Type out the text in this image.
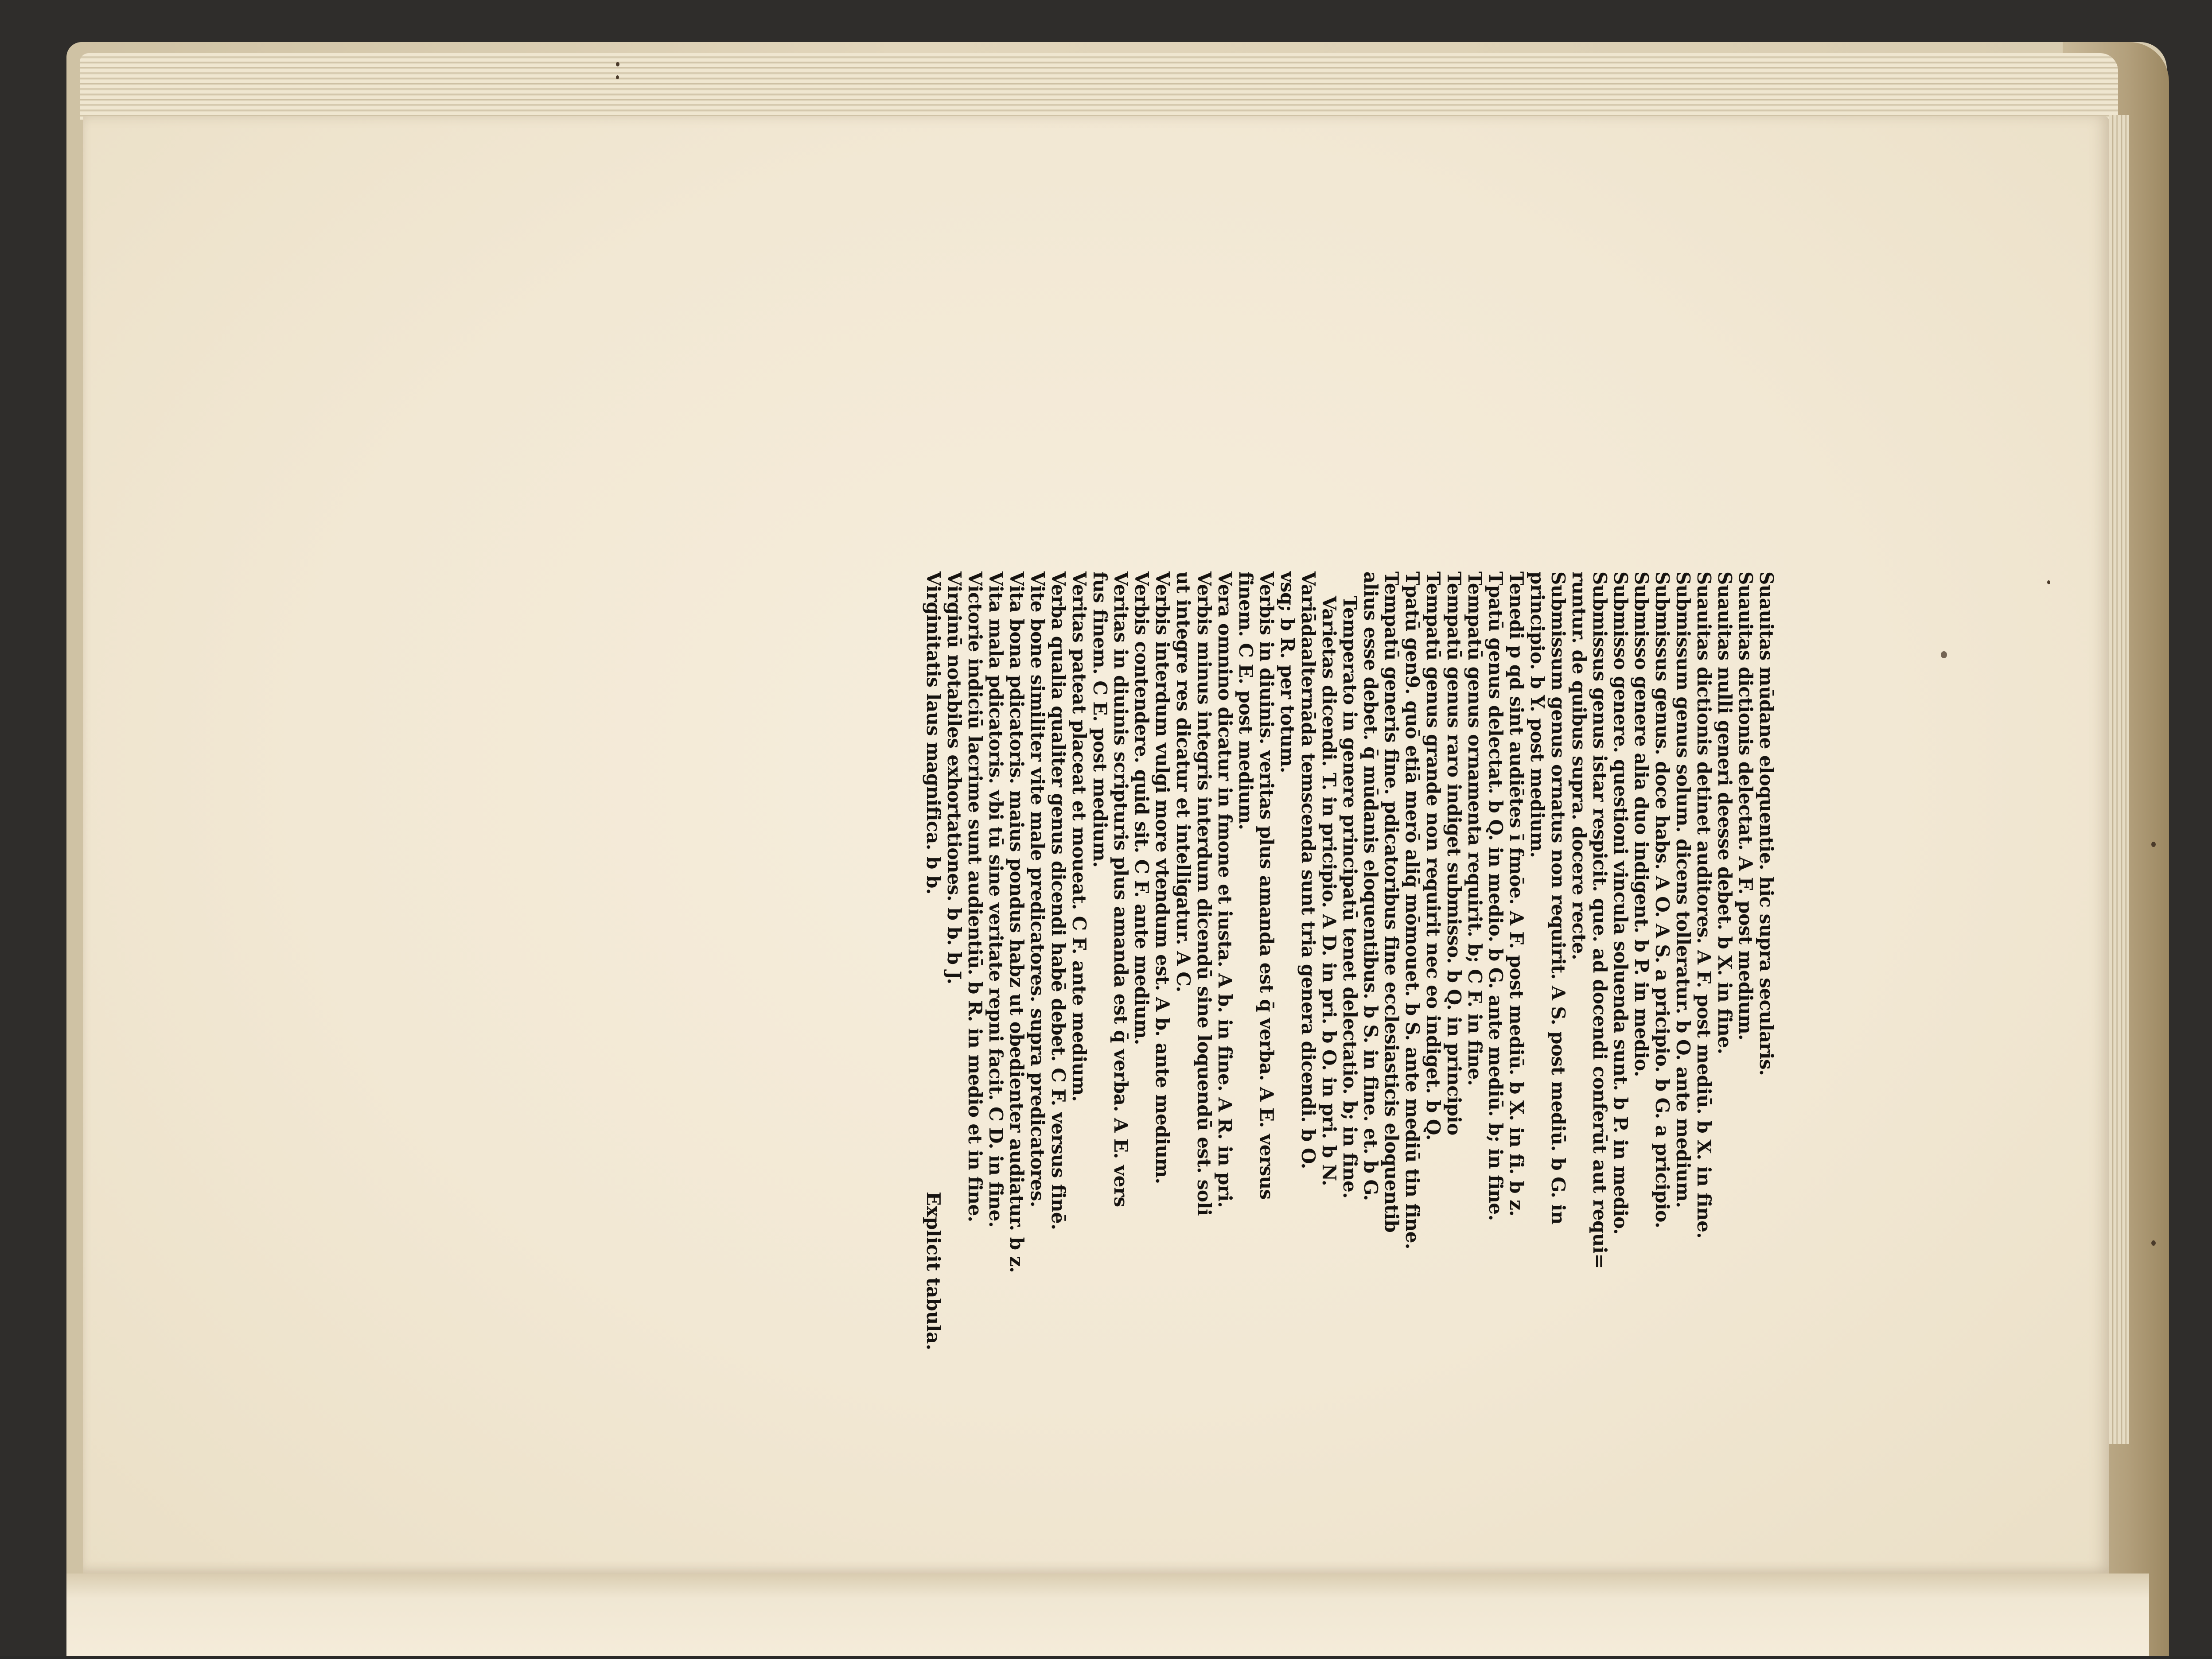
Suauitas mūdane eloquentie. hic supra secularis.
Suauitas dictionis delectat. A F. post medium.
Suauitas nulli generi deesse debet. b X. in fine.
Suauitas dictionis detinet auditores. A F. post mediū. b X. in fine.
Submissum genus solum. dicens tolleratur. b O. ante medium.
Submissus genus. doce habs. A O. A S. a pricipio. b G. a pricipio.
Submisso genere alia duo indigent. b P. in medio.
Submisso genere. questioni vincula soluenda sunt. b P. in medio.
Submissus genus istar respicit. que. ad docendi conferūt aut requi=
runtur. de quibus supra. docere recte.
Submissum genus ornatus non requirit. A S. post mediū. b G. in
principio. b Y. post medium.
Tenedi p qd sint audiētes ī fmōe. A F. post mediū. b X. in fi. b z.
Tpatū genus delectat. b Q. in medio. b G. ante mediū. b; in fine.
Tempatū genus ornamenta requirit. b; C F. in fine.
Tempatū genus raro indiget submisso. b Q. in principio
Tempatū genus grande non requirit nec eo indiget. b Q.
Tpatū gen9. quō etiā merō aliq̄ mōmouet. b S. ante mediū tin fine.
Tempatū generis fine. pdicatoribus fine ecclesiasticis eloquentib
alius esse debet. q̄ mūdanis eloquentibus. b S. in fine. et. b G.
Temperato in genere principatū tenet delectatio. b; in fine.
Varietas dicendi. T. in pricipio. A D. in pri. b O. in pri. b N.
Variādaalternāda temscenda sunt tria genera dicendi. b O.
vsq; b R. per totum.
Verbis in diuinis. veritas plus amanda est q̄ verba. A E. versus
finem. C E. post medium.
Vera omnino dicatur in fmone et iusta. A b. in fine. A R. in pri.
Verbis minus integris interdum dicendū sine loquendū est. soli
ut integre res dicatur et intelligatur. A C.
Verbis interdum vulgi more vtendum est. A b. ante medium.
Verbis contendere. quid sit. C F. ante medium.
Veritas in diuinis scripturis plus amanda est q̄ verba. A E. vers
fus finem. C E. post medium.
Veritas pateat placeat et moueat. C F. ante medium.
Verba qualia qualiter genus dicendi habē debet. C F. versus finē.
Vite bone similiter vite male predicatores. supra predicatores.
Vita bona pdicatoris. maius pondus habz ut obedienter audiatur. b z.
Vita mala pdicatoris. vbi tū sine veritate repni facit. C D. in fine.
Victorie indiciū lacrime sunt audientiū. b R. in medio et in fine.
Virginū notabiles exhortationes. b b. b J.
Virginitatis laus magnifica. b b.
Explicit tabula.
